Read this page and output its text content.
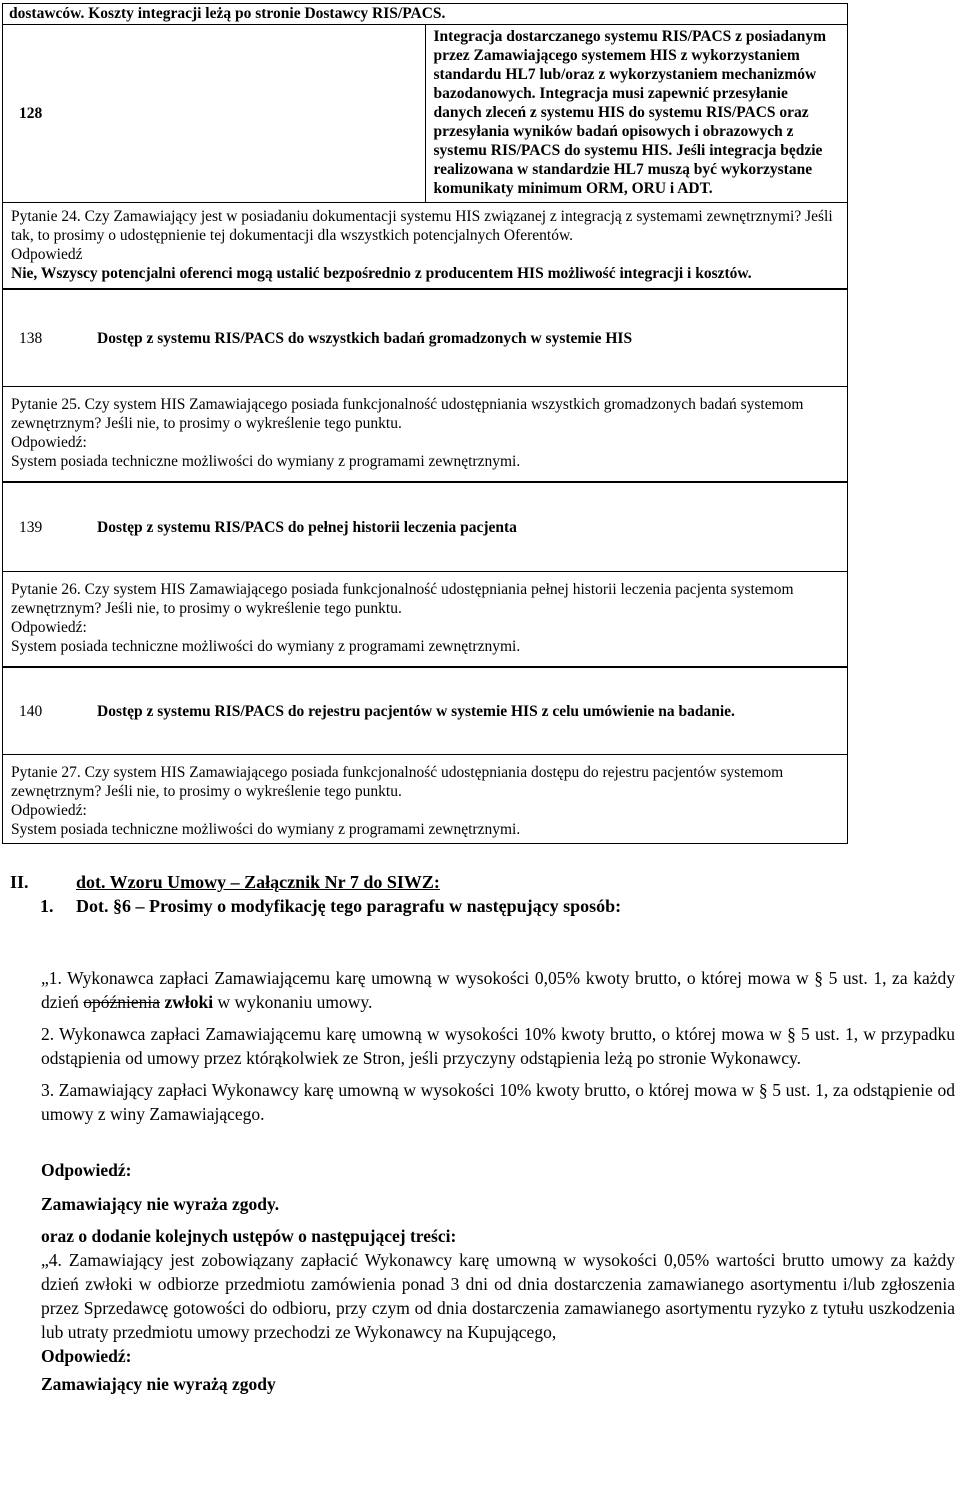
dostawców. Koszty integracji leżą po stronie Dostawcy RIS/PACS.
128	Integracja dostarczanego systemu RIS/PACS z posiadanym przez Zamawiającego systemem HIS z wykorzystaniem standardu HL7 lub/oraz z wykorzystaniem mechanizmów bazodanowych. Integracja musi zapewnić przesyłanie danych zleceń z systemu HIS do systemu RIS/PACS oraz przesyłania wyników badań opisowych i obrazowych z systemu RIS/PACS do systemu HIS. Jeśli integracja będzie realizowana w standardzie HL7 muszą być wykorzystane komunikaty minimum ORM, ORU i ADT.

Pytanie 24. Czy Zamawiający jest w posiadaniu dokumentacji systemu HIS związanej z integracją z systemami zewnętrznymi? Jeśli tak, to prosimy o udostępnienie tej dokumentacji dla wszystkich potencjalnych Oferentów.
Odpowiedź
Nie, Wszyscy potencjalni oferenci mogą ustalić bezpośrednio z producentem HIS możliwość integracji i kosztów.
138	Dostęp z systemu RIS/PACS do wszystkich badań gromadzonych w systemie HIS

Pytanie 25. Czy system HIS Zamawiającego posiada funkcjonalność udostępniania wszystkich gromadzonych badań systemom zewnętrznym? Jeśli nie, to prosimy o wykreślenie tego punktu.
Odpowiedź:
System posiada techniczne możliwości do wymiany z programami zewnętrznymi.
139	Dostęp z systemu RIS/PACS do pełnej historii leczenia pacjenta

Pytanie 26. Czy system HIS Zamawiającego posiada funkcjonalność udostępniania pełnej historii leczenia pacjenta systemom zewnętrznym? Jeśli nie, to prosimy o wykreślenie tego punktu.
Odpowiedź:
System posiada techniczne możliwości do wymiany z programami zewnętrznymi.
140	Dostęp z systemu RIS/PACS do rejestru pacjentów w systemie HIS z celu umówienie na badanie.

Pytanie 27. Czy system HIS Zamawiającego posiada funkcjonalność udostępniania dostępu do rejestru pacjentów systemom zewnętrznym? Jeśli nie, to prosimy o wykreślenie tego punktu.
Odpowiedź:
System posiada techniczne możliwości do wymiany z programami zewnętrznymi.
II.	dot. Wzoru Umowy – Załącznik Nr 7 do SIWZ:
1. Dot. §6 – Prosimy o modyfikację tego paragrafu w następujący sposób:

„1. Wykonawca zapłaci Zamawiającemu karę umowną w wysokości 0,05% kwoty brutto, o której mowa w § 5 ust. 1, za każdy dzień opóźnienia zwłoki w wykonaniu umowy.

2. Wykonawca zapłaci Zamawiającemu karę umowną w wysokości 10% kwoty brutto, o której mowa w § 5 ust. 1, w przypadku odstąpienia od umowy przez którąkolwiek ze Stron, jeśli przyczyny odstąpienia leżą po stronie Wykonawcy.

3. Zamawiający zapłaci Wykonawcy karę umowną w wysokości 10% kwoty brutto, o której mowa w § 5 ust. 1, za odstąpienie od umowy z winy Zamawiającego.

Odpowiedź:
Zamawiający nie wyraża zgody.
oraz o dodanie kolejnych ustępów o następującej treści:

„4. Zamawiający jest zobowiązany zapłacić Wykonawcy karę umowną w wysokości 0,05% wartości brutto umowy za każdy dzień zwłoki w odbiorze przedmiotu zamówienia ponad 3 dni od dnia dostarczenia zamawianego asortymentu i/lub zgłoszenia przez Sprzedawcę gotowości do odbioru, przy czym od dnia dostarczenia zamawianego asortymentu ryzyko z tytułu uszkodzenia lub utraty przedmiotu umowy przechodzi ze Wykonawcy na Kupującego,

Odpowiedź:
Zamawiający nie wyrażą zgody
